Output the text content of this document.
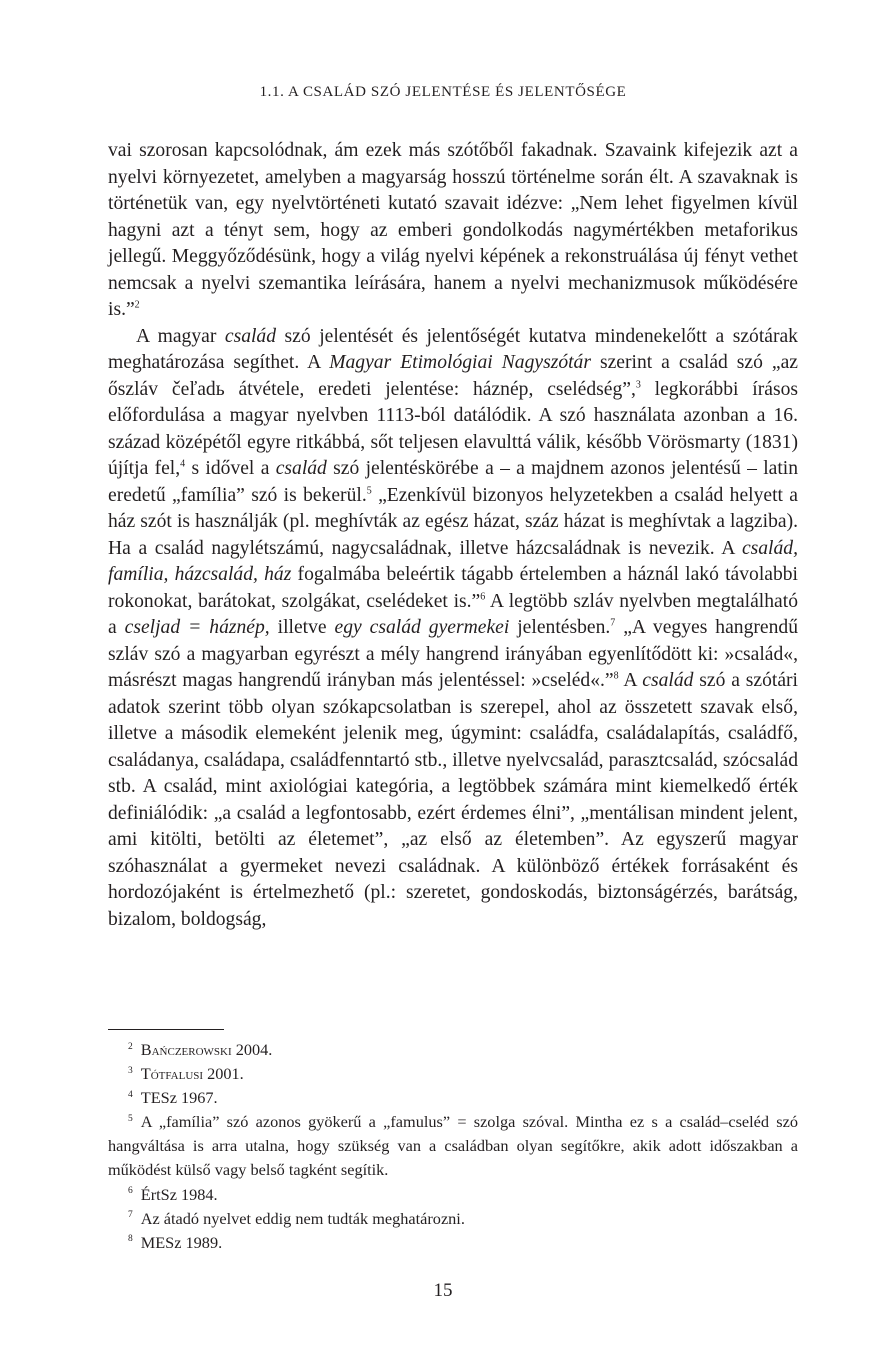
1.1. A CSALÁD SZÓ JELENTÉSE ÉS JELENTŐSÉGE

vai szorosan kapcsolódnak, ám ezek más szótőből fakadnak. Szavaink kifejezik azt a nyelvi környezetet, amelyben a magyarság hosszú történelme során élt. A szavaknak is történetük van, egy nyelvtörténeti kutató szavait idézve: „Nem lehet figyelmen kívül hagyni azt a tényt sem, hogy az emberi gondolkodás nagymértékben metaforikus jellegű. Meggyőződésünk, hogy a világ nyelvi képének a rekonstruálása új fényt vethet nemcsak a nyelvi szemantika leírására, hanem a nyelvi mechanizmusok működésére is.”$^2$

A magyar család szó jelentését és jelentőségét kutatva mindenekelőtt a szótárak meghatározása segíthet. A Magyar Etimológiai Nagyszótár szerint a család szó „az őszláv čeľadь átvétele, eredeti jelentése: háznép, cselédség”,$^3$ legkorábbi írásos előfordulása a magyar nyelvben 1113-ból datálódik. A szó használata azonban a 16. század középétől egyre ritkábbá, sőt teljesen elavulttá válik, később Vörösmarty (1831) újítja fel,$^4$ s idővel a család szó jelentéskörébe a – a majdnem azonos jelentésű – latin eredetű „família” szó is bekerül.$^5$ „Ezenkívül bizonyos helyzetekben a család helyett a ház szót is használják (pl. meghívták az egész házat, száz házat is meghívtak a lagziba). Ha a család nagylétszámú, nagycsaládnak, illetve házcsaládnak is nevezik. A család, família, házcsalád, ház fogalmába beleértik tágabb értelemben a háznál lakó távolabbi rokonokat, barátokat, szolgákat, cselédeket is.”$^6$ A legtöbb szláv nyelvben megtalálható a cseljad = háznép, illetve egy család gyermekei jelentésben.$^7$ „A vegyes hangrendű szláv szó a magyarban egyrészt a mély hangrend irányában egyenlítődött ki: »család«, másrészt magas hangrendű irányban más jelentéssel: »cseléd«.”$^8$ A család szó a szótári adatok szerint több olyan szókapcsolatban is szerepel, ahol az összetett szavak első, illetve a második elemeként jelenik meg, úgymint: családfa, családalapítás, családfő, családanya, családapa, családfenntartó stb., illetve nyelvcsalád, parasztcsalád, szócsalád stb. A család, mint axiológiai kategória, a legtöbbek számára mint kiemelkedő érték definiálódik: „a család a legfontosabb, ezért érdemes élni”, „mentálisan mindent jelent, ami kitölti, betölti az életemet”, „az első az életemben”. Az egyszerű magyar szóhasználat a gyermeket nevezi családnak. A különböző értékek forrásaként és hordozójaként is értelmezhető (pl.: szeretet, gondoskodás, biztonságérzés, barátság, bizalom, boldogság,

$^2$ Bańczerowski 2004.

$^3$ Tótfalusi 2001.

$^4$ TESz 1967.

$^5$ A „família” szó azonos gyökerű a „famulus” = szolga szóval. Mintha ez s a család–cseléd szó hangváltása is arra utalna, hogy szükség van a családban olyan segítőkre, akik adott időszakban a működést külső vagy belső tagként segítik.

$^6$ ÉrtSz 1984.

$^7$ Az átadó nyelvet eddig nem tudták meghatározni.

$^8$ MESz 1989.

15
